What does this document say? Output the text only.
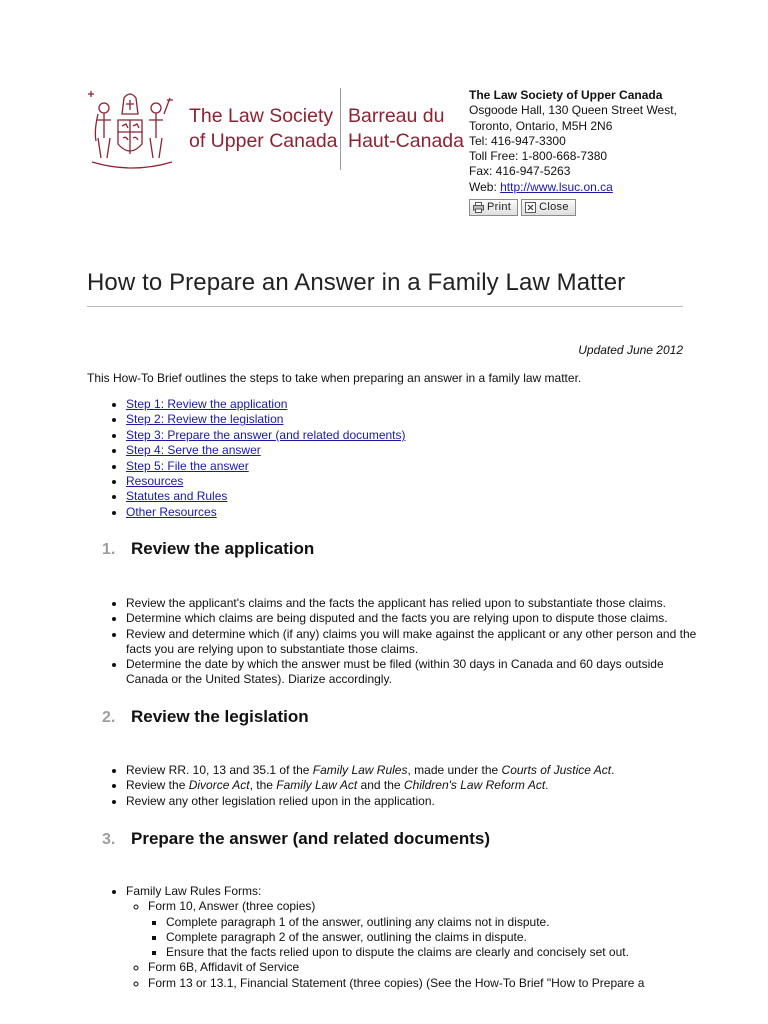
The Law Society
of Upper Canada
Barreau du
Haut-Canada
The Law Society of Upper Canada
Osgoode Hall, 130 Queen Street West,
Toronto, Ontario, M5H 2N6
Tel: 416-947-3300
Toll Free: 1-800-668-7380
Fax: 416-947-5263
Web: http://www.lsuc.on.ca
Print	Close
How to Prepare an Answer in a Family Law Matter
Updated June 2012
This How-To Brief outlines the steps to take when preparing an answer in a family law matter.
• Step 1: Review the application
• Step 2: Review the legislation
• Step 3: Prepare the answer (and related documents)
• Step 4: Serve the answer
• Step 5: File the answer
• Resources
• Statutes and Rules
• Other Resources
1. Review the application
• Review the applicant's claims and the facts the applicant has relied upon to substantiate those claims.
• Determine which claims are being disputed and the facts you are relying upon to dispute those claims.
• Review and determine which (if any) claims you will make against the applicant or any other person and the facts you are relying upon to substantiate those claims.
• Determine the date by which the answer must be filed (within 30 days in Canada and 60 days outside Canada or the United States). Diarize accordingly.
2. Review the legislation
• Review RR. 10, 13 and 35.1 of the Family Law Rules, made under the Courts of Justice Act.
• Review the Divorce Act, the Family Law Act and the Children's Law Reform Act.
• Review any other legislation relied upon in the application.
3. Prepare the answer (and related documents)
• Family Law Rules Forms:
◦ Form 10, Answer (three copies)
▪ Complete paragraph 1 of the answer, outlining any claims not in dispute.
▪ Complete paragraph 2 of the answer, outlining the claims in dispute.
▪ Ensure that the facts relied upon to dispute the claims are clearly and concisely set out.
◦ Form 6B, Affidavit of Service
◦ Form 13 or 13.1, Financial Statement (three copies) (See the How-To Brief "How to Prepare a
